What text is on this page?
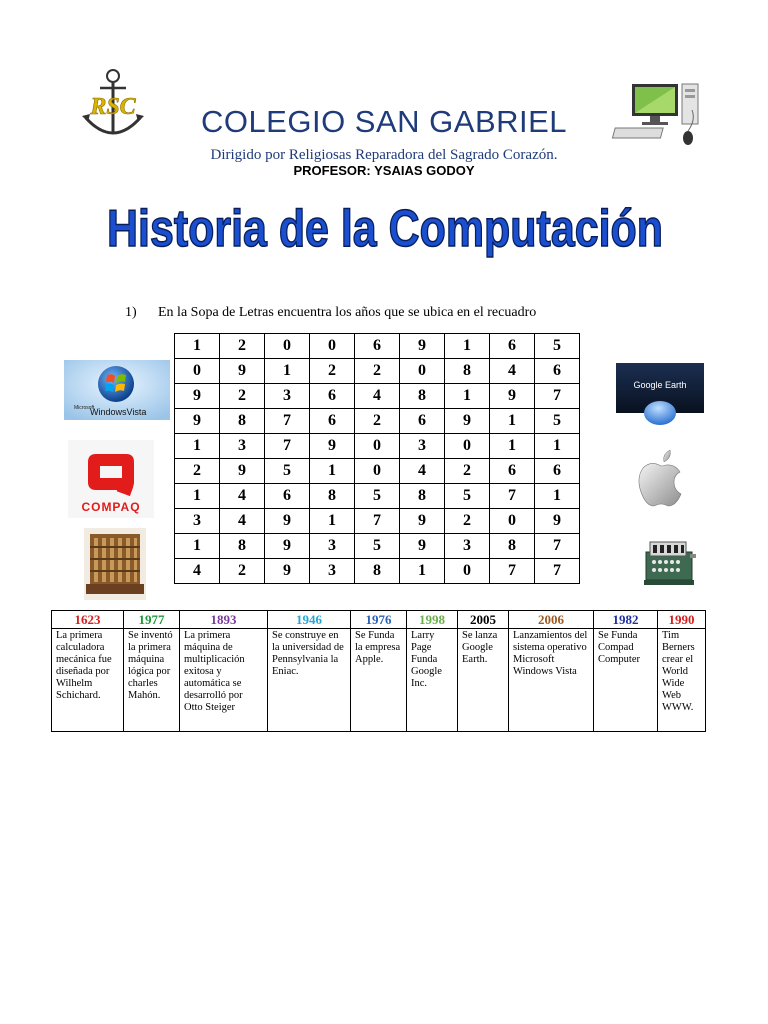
RSC	COLEGIO SAN GABRIEL
Dirigido por Religiosas Reparadora del Sagrado Corazón.
PROFESOR: YSAIAS GODOY
Historia de la Computación
1) En la Sopa de Letras encuentra los años que se ubica en el recuadro
1	2	0	0	6	9	1	6	5
0	9	1	2	2	0	8	4	6
9	2	3	6	4	8	1	9	7
9	8	7	6	2	6	9	1	5
1	3	7	9	0	3	0	1	1
2	9	5	1	0	4	2	6	6
1	4	6	8	5	8	5	7	1
3	4	9	1	7	9	2	0	9
1	8	9	3	5	9	3	8	7
4	2	9	3	8	1	0	7	7
Microsoft
WindowsVista
COMPAQ
Google Earth
1623	1977	1893	1946	1976	1998	2005	2006	1982	1990
La primera calculadora mecánica fue diseñada por Wilhelm Schichard.	Se inventó la primera máquina lógica por charles Mahón.	La primera máquina de multiplicación exitosa y automática se desarrolló por Otto Steiger	Se construye en la universidad de Pennsylvania la Eniac.	Se Funda la empresa Apple.	Larry Page Funda Google Inc.	Se lanza Google Earth.	Lanzamientos del sistema operativo Microsoft Windows Vista	Se Funda Compad Computer	Tim Berners crear el World Wide Web WWW.
